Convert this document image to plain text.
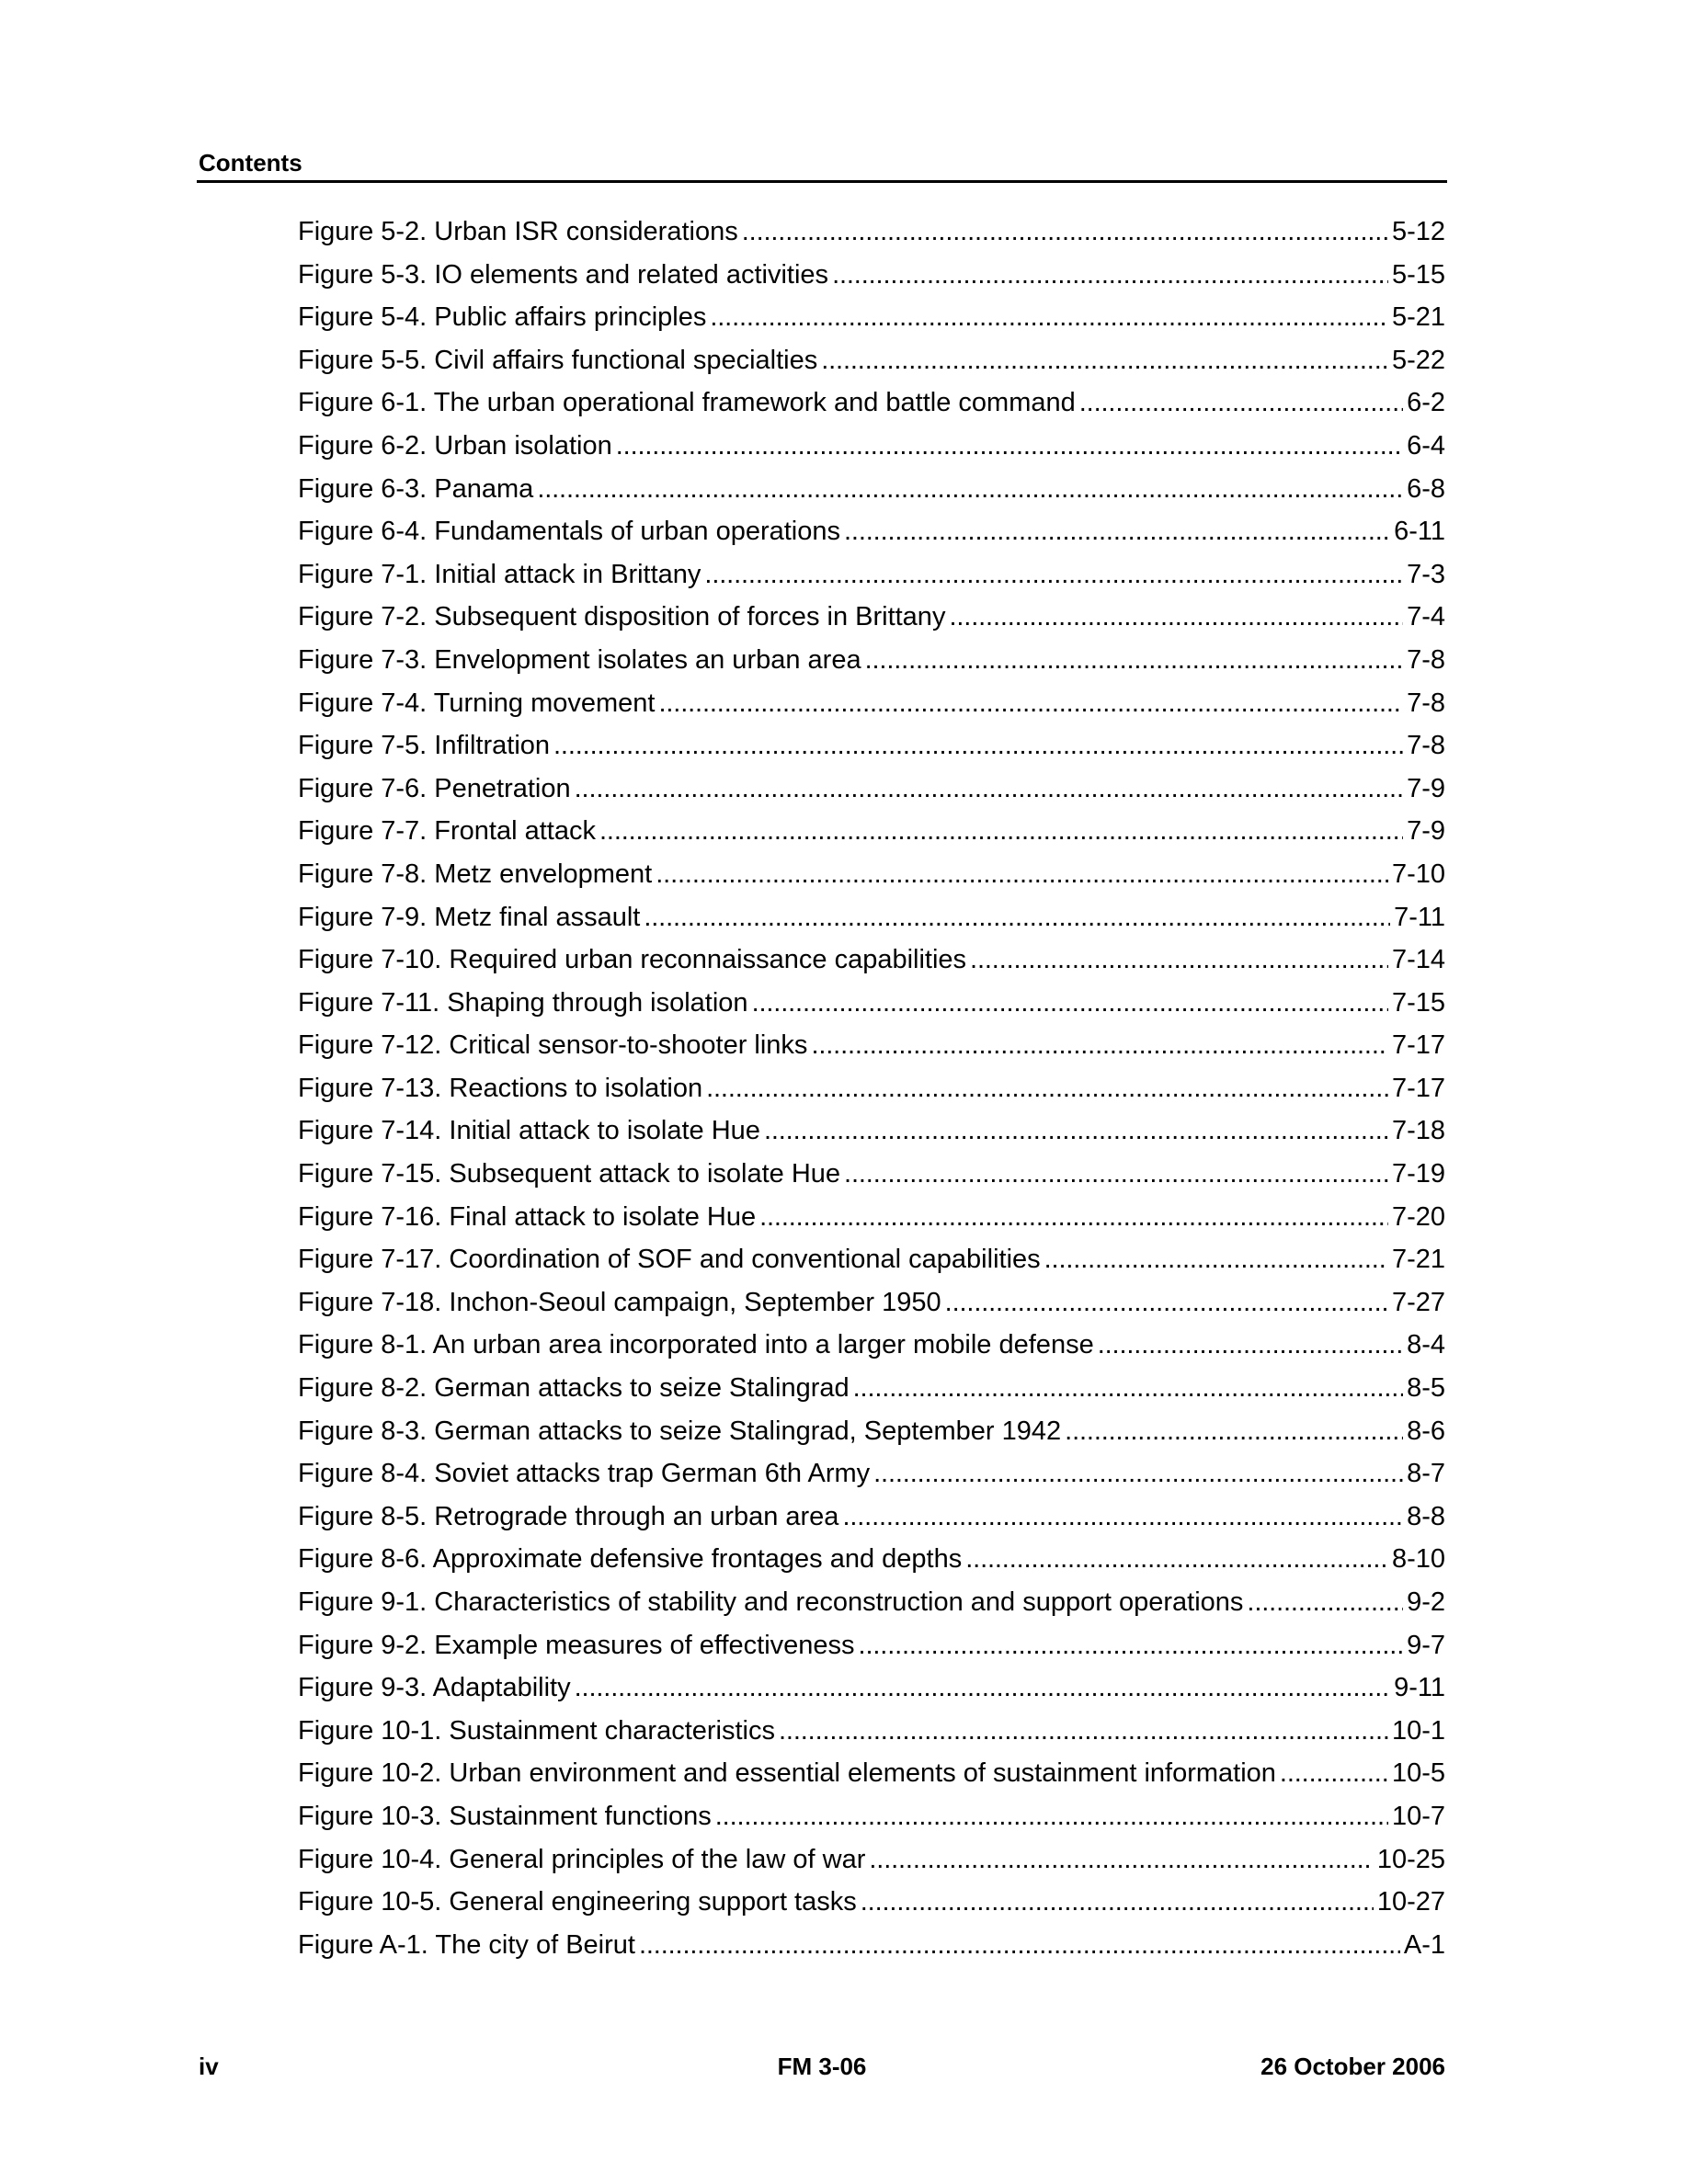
Contents
Figure 5-2. Urban ISR considerations . . .	5-12
Figure 5-3. IO elements and related activities . . .	5-15
Figure 5-4. Public affairs principles . . .	5-21
Figure 5-5. Civil affairs functional specialties . . .	5-22
Figure 6-1. The urban operational framework and battle command . . .	6-2
Figure 6-2. Urban isolation . . .	6-4
Figure 6-3. Panama . . .	6-8
Figure 6-4. Fundamentals of urban operations . . .	6-11
Figure 7-1. Initial attack in Brittany . . .	7-3
Figure 7-2. Subsequent disposition of forces in Brittany . . .	7-4
Figure 7-3. Envelopment isolates an urban area . . .	7-8
Figure 7-4. Turning movement . . .	7-8
Figure 7-5. Infiltration . . .	7-8
Figure 7-6. Penetration . . .	7-9
Figure 7-7. Frontal attack . . .	7-9
Figure 7-8. Metz envelopment . . .	7-10
Figure 7-9. Metz final assault . . .	7-11
Figure 7-10. Required urban reconnaissance capabilities . . .	7-14
Figure 7-11. Shaping through isolation . . .	7-15
Figure 7-12. Critical sensor-to-shooter links . . .	7-17
Figure 7-13. Reactions to isolation . . .	7-17
Figure 7-14. Initial attack to isolate Hue . . .	7-18
Figure 7-15. Subsequent attack to isolate Hue . . .	7-19
Figure 7-16. Final attack to isolate Hue . . .	7-20
Figure 7-17. Coordination of SOF and conventional capabilities . . .	7-21
Figure 7-18. Inchon-Seoul campaign, September 1950 . . .	7-27
Figure 8-1. An urban area incorporated into a larger mobile defense . . .	8-4
Figure 8-2. German attacks to seize Stalingrad . . .	8-5
Figure 8-3. German attacks to seize Stalingrad, September 1942 . . .	8-6
Figure 8-4. Soviet attacks trap German 6th Army . . .	8-7
Figure 8-5. Retrograde through an urban area . . .	8-8
Figure 8-6. Approximate defensive frontages and depths . . .	8-10
Figure 9-1. Characteristics of stability and reconstruction and support operations . . .	9-2
Figure 9-2. Example measures of effectiveness . . .	9-7
Figure 9-3. Adaptability . . .	9-11
Figure 10-1. Sustainment characteristics . . .	10-1
Figure 10-2. Urban environment and essential elements of sustainment information . . .	10-5
Figure 10-3. Sustainment functions . . .	10-7
Figure 10-4. General principles of the law of war . . .	10-25
Figure 10-5. General engineering support tasks . . .	10-27
Figure A-1. The city of Beirut . . .	A-1
iv	FM 3-06	26 October 2006
